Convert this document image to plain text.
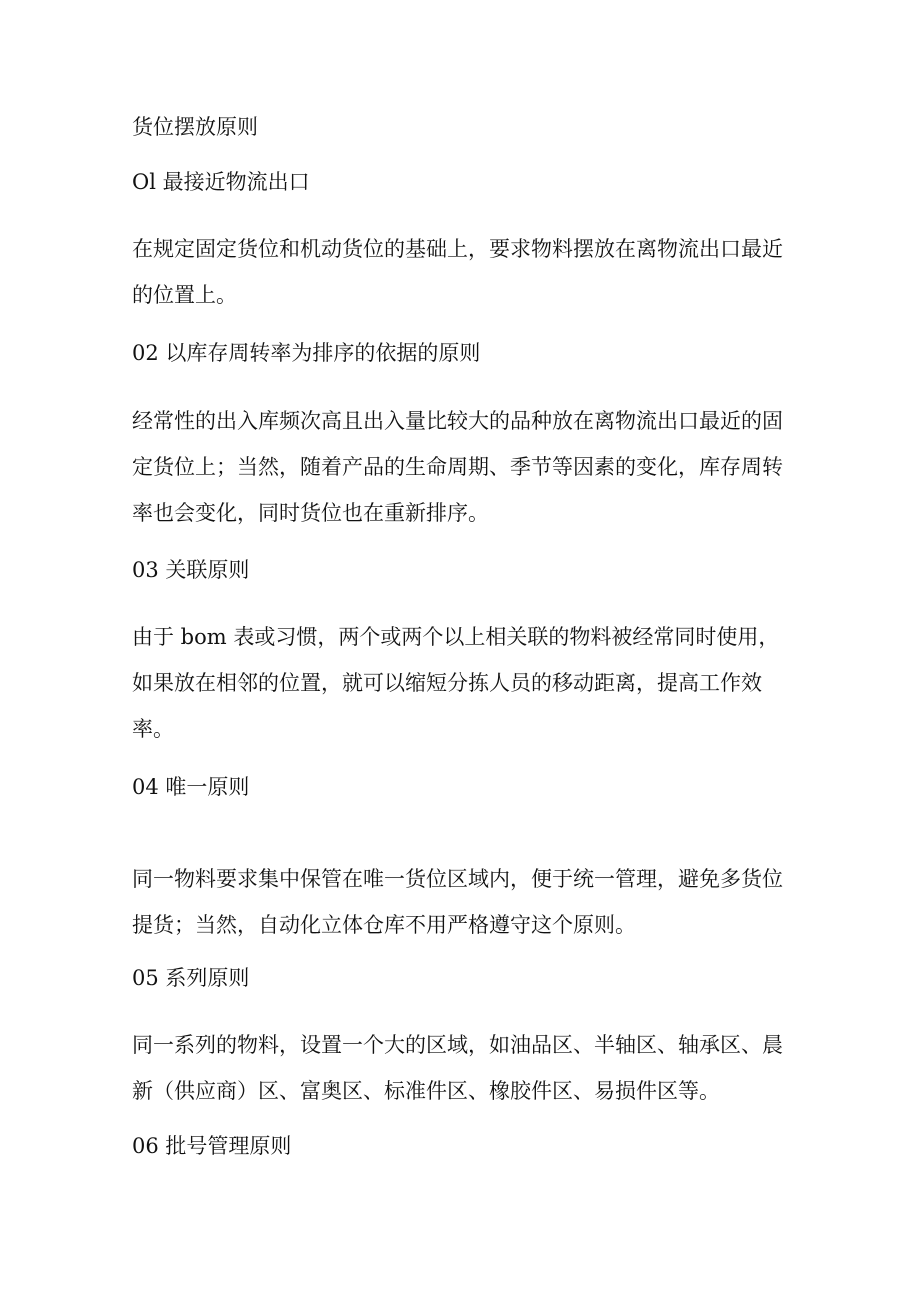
货位摆放原则
Ol 最接近物流出口

在规定固定货位和机动货位的基础上，要求物料摆放在离物流出口最近的位置上。

02 以库存周转率为排序的依据的原则

经常性的出入库频次高且出入量比较大的品种放在离物流出口最近的固定货位上；当然，随着产品的生命周期、季节等因素的变化，库存周转率也会变化，同时货位也在重新排序。

03 关联原则

由于 bom 表或习惯，两个或两个以上相关联的物料被经常同时使用，如果放在相邻的位置，就可以缩短分拣人员的移动距离，提高工作效率。

04 唯一原则

同一物料要求集中保管在唯一货位区域内，便于统一管理，避免多货位提货；当然，自动化立体仓库不用严格遵守这个原则。

05 系列原则

同一系列的物料，设置一个大的区域，如油品区、半轴区、轴承区、晨新（供应商）区、富奥区、标准件区、橡胶件区、易损件区等。

06 批号管理原则
